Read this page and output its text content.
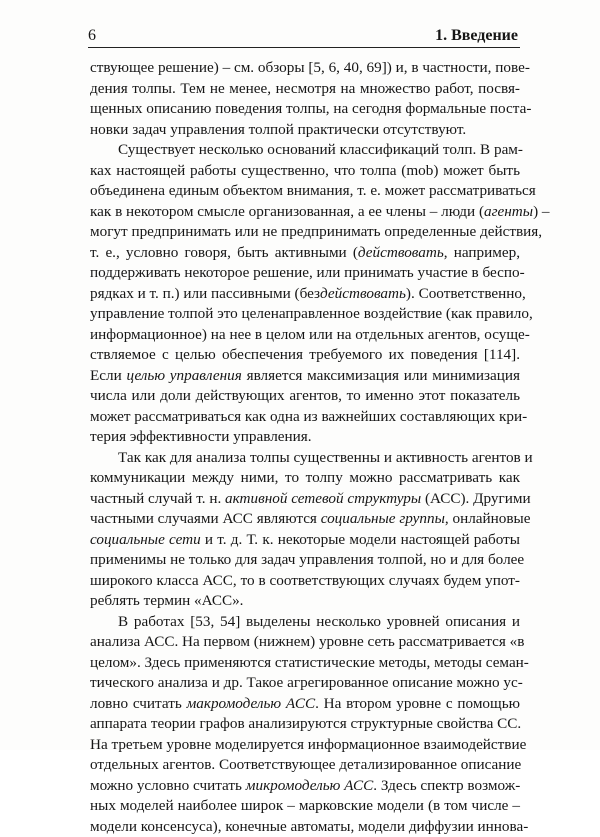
6	1. Введение
ствующее решение) – см. обзоры [5, 6, 40, 69]) и, в частности, пове-
дения толпы. Тем не менее, несмотря на множество работ, посвя-
щенных описанию поведения толпы, на сегодня формальные поста-
новки задач управления толпой практически отсутствуют.
Существует несколько оснований классификаций толп. В рам-
ках настоящей работы существенно, что толпа (mob) может быть
объединена единым объектом внимания, т. е. может рассматриваться
как в некотором смысле организованная, а ее члены – люди (агенты) –
могут предпринимать или не предпринимать определенные действия,
т. е., условно говоря, быть активными (действовать, например,
поддерживать некоторое решение, или принимать участие в беспо-
рядках и т. п.) или пассивными (бездействовать). Соответственно,
управление толпой это целенаправленное воздействие (как правило,
информационное) на нее в целом или на отдельных агентов, осуще-
ствляемое с целью обеспечения требуемого их поведения [114].
Если целью управления является максимизация или минимизация
числа или доли действующих агентов, то именно этот показатель
может рассматриваться как одна из важнейших составляющих кри-
терия эффективности управления.
Так как для анализа толпы существенны и активность агентов и
коммуникации между ними, то толпу можно рассматривать как
частный случай т. н. активной сетевой структуры (АСС). Другими
частными случаями АСС являются социальные группы, онлайновые
социальные сети и т. д. Т. к. некоторые модели настоящей работы
применимы не только для задач управления толпой, но и для более
широкого класса АСС, то в соответствующих случаях будем упот-
реблять термин «АСС».
В работах [53, 54] выделены несколько уровней описания и
анализа АСС. На первом (нижнем) уровне сеть рассматривается «в
целом». Здесь применяются статистические методы, методы семан-
тического анализа и др. Такое агрегированное описание можно ус-
ловно считать макромоделью АСС. На втором уровне с помощью
аппарата теории графов анализируются структурные свойства СС.
На третьем уровне моделируется информационное взаимодействие
отдельных агентов. Соответствующее детализированное описание
можно условно считать микромоделью АСС. Здесь спектр возмож-
ных моделей наиболее широк – марковские модели (в том числе –
модели консенсуса), конечные автоматы, модели диффузии иннова-
